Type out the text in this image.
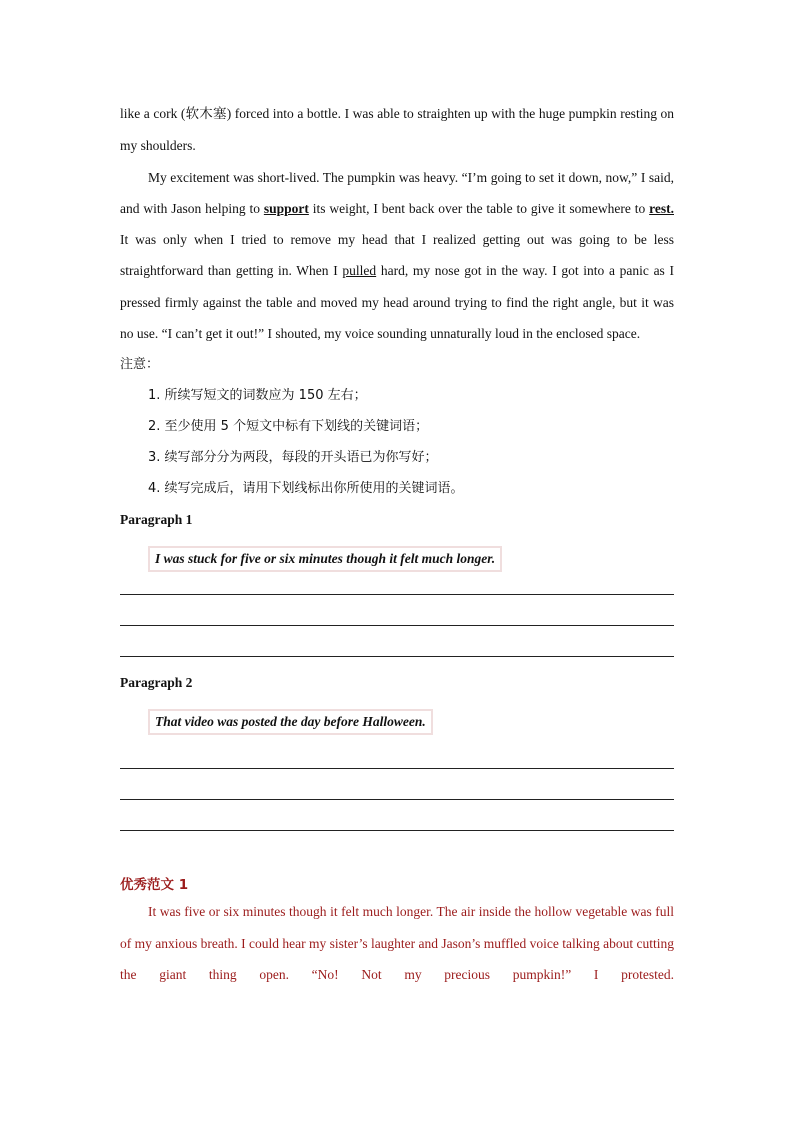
like a cork (软木塞) forced into a bottle. I was able to straighten up with the huge pumpkin resting on my shoulders.

My excitement was short-lived. The pumpkin was heavy. “I’m going to set it down, now,” I said, and with Jason helping to support its weight, I bent back over the table to give it somewhere to rest. It was only when I tried to remove my head that I realized getting out was going to be less straightforward than getting in. When I pulled hard, my nose got in the way. I got into a panic as I pressed firmly against the table and moved my head around trying to find the right angle, but it was no use. “I can’t get it out!” I shouted, my voice sounding unnaturally loud in the enclosed space.

注意：

1. 所续写短文的词数应为 150 左右；

2. 至少使用 5 个短文中标有下划线的关键词语；

3. 续写部分分为两段，每段的开头语已为你写好；

4. 续写完成后，请用下划线标出你所使用的关键词语。

Paragraph 1

I was stuck for five or six minutes though it felt much longer.

Paragraph 2

That video was posted the day before Halloween.

优秀范文 1

It was five or six minutes though it felt much longer. The air inside the hollow vegetable was full of my anxious breath. I could hear my sister’s laughter and Jason’s muffled voice talking about cutting the giant thing open. “No! Not my precious pumpkin!” I protested.
